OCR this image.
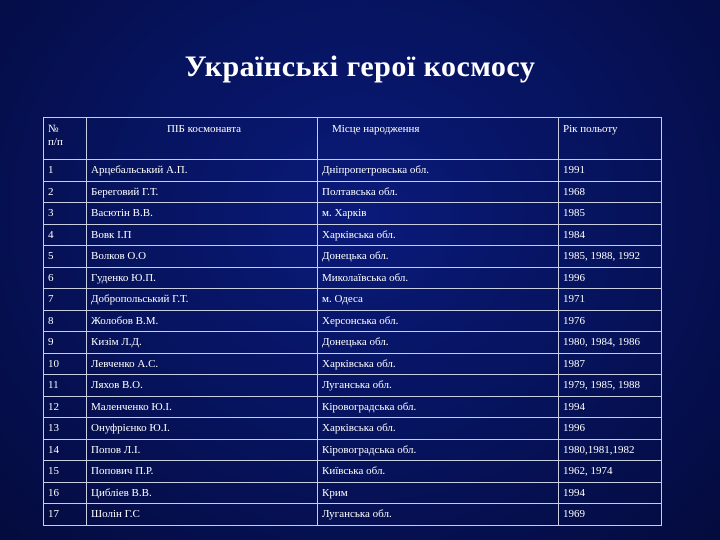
Українські герої космосу
№
п/п	ПІБ космонавта	Місце народження	Рік польоту
1	Арцебальський А.П.	Дніпропетровська обл.	1991
2	Береговий Г.Т.	Полтавська обл.	1968
3	Васютін В.В.	м. Харків	1985
4	Вовк І.П	Харківська обл.	1984
5	Волков О.О	Донецька обл.	1985, 1988, 1992
6	Гуденко Ю.П.	Миколаївська обл.	1996
7	Добропольський Г.Т.	м. Одеса	1971
8	Жолобов В.М.	Херсонська обл.	1976
9	Кизім Л.Д.	Донецька обл.	1980, 1984, 1986
10	Левченко А.С.	Харківська обл.	1987
11	Ляхов В.О.	Луганська обл.	1979, 1985, 1988
12	Маленченко Ю.І.	Кіровоградська обл.	1994
13	Онуфрієнко Ю.І.	Харківська обл.	1996
14	Попов Л.І.	Кіровоградська обл.	1980,1981,1982
15	Попович П.Р.	Київська обл.	1962, 1974
16	Цибліев В.В.	Крим	1994
17	Шолін Г.С	Луганська обл.	1969
